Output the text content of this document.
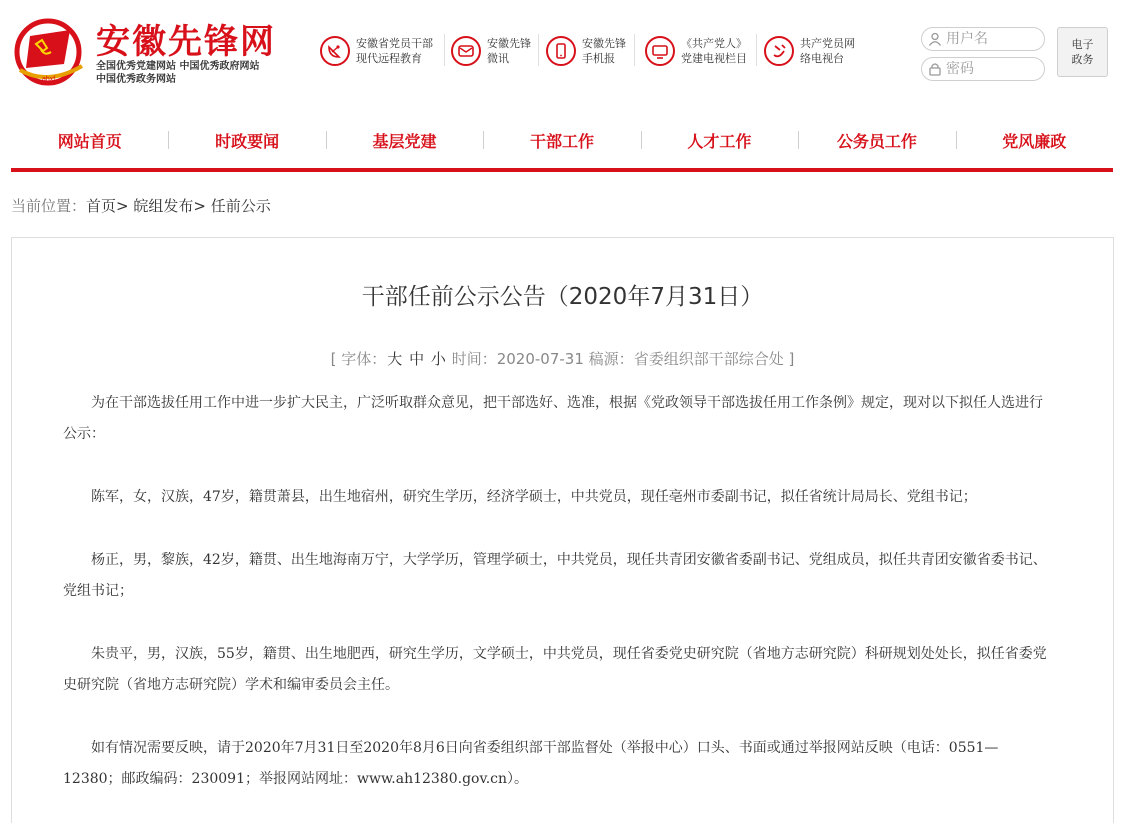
ahxf
安徽先锋网
全国优秀党建网站 中国优秀政府网站
中国优秀政务网站
安徽省党员干部
现代远程教育
安徽先锋
微讯
安徽先锋
手机报
《共产党人》
党建电视栏目
共产党员网
络电视台
用户名
电子
政务
网站首页	时政要闻	基层党建	干部工作	人才工作	公务员工作	党风廉政
当前位置：首页> 皖组发布> 任前公示
干部任前公示公告（2020年7月31日）
[ 字体：大 中 小 时间：2020-07-31 稿源：省委组织部干部综合处 ]

为在干部选拔任用工作中进一步扩大民主，广泛听取群众意见，把干部选好、选准，根据《党政领导干部选拔任用工作条例》规定，现对以下拟任人选进行公示：

陈军，女，汉族，47岁，籍贯萧县，出生地宿州，研究生学历，经济学硕士，中共党员，现任亳州市委副书记，拟任省统计局局长、党组书记；

杨正，男，黎族，42岁，籍贯、出生地海南万宁，大学学历，管理学硕士，中共党员，现任共青团安徽省委副书记、党组成员，拟任共青团安徽省委书记、党组书记；

朱贵平，男，汉族，55岁，籍贯、出生地肥西，研究生学历，文学硕士，中共党员，现任省委党史研究院（省地方志研究院）科研规划处处长，拟任省委党史研究院（省地方志研究院）学术和编审委员会主任。

如有情况需要反映，请于2020年7月31日至2020年8月6日向省委组织部干部监督处（举报中心）口头、书面或通过举报网站反映（电话：0551—12380；邮政编码：230091；举报网站网址：www.ah12380.gov.cn）。
